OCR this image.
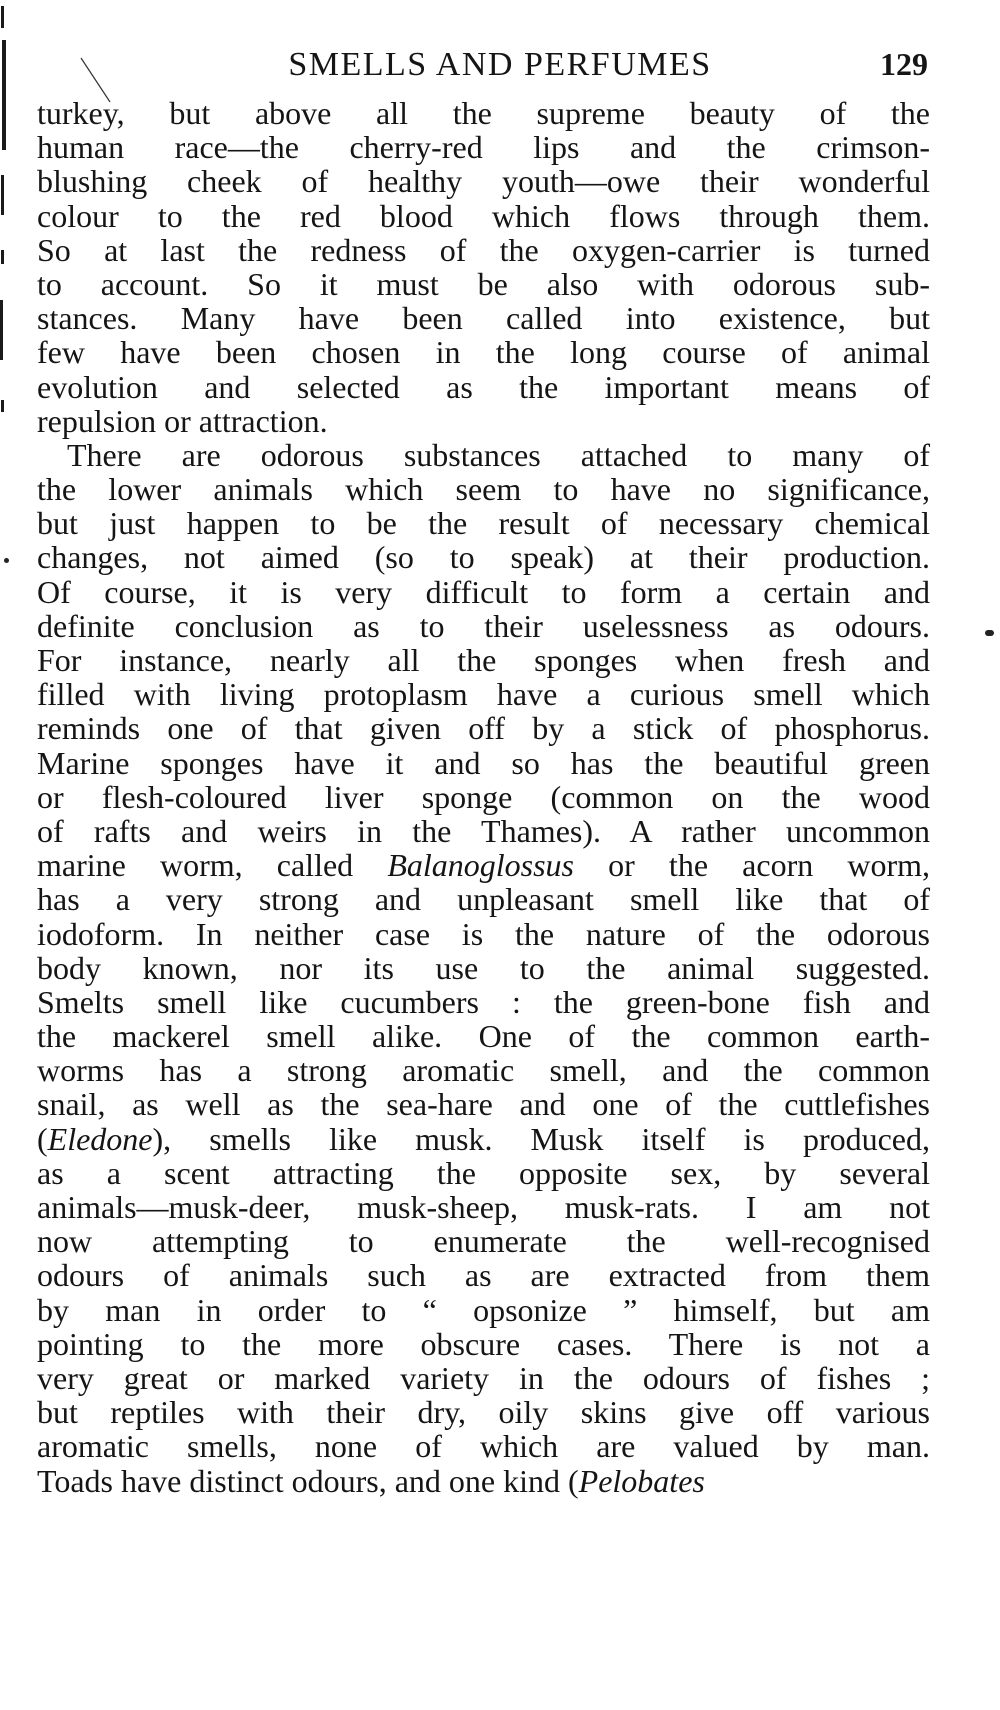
SMELLS AND PERFUMES	129
turkey, but above all the supreme beauty of the
human race—the cherry-red lips and the crimson-
blushing cheek of healthy youth—owe their wonderful
colour to the red blood which flows through them.
So at last the redness of the oxygen-carrier is turned
to account. So it must be also with odorous sub-
stances. Many have been called into existence, but
few have been chosen in the long course of animal
evolution and selected as the important means of
repulsion or attraction.
There are odorous substances attached to many of
the lower animals which seem to have no significance,
but just happen to be the result of necessary chemical
changes, not aimed (so to speak) at their production.
Of course, it is very difficult to form a certain and
definite conclusion as to their uselessness as odours.
For instance, nearly all the sponges when fresh and
filled with living protoplasm have a curious smell which
reminds one of that given off by a stick of phosphorus.
Marine sponges have it and so has the beautiful green
or flesh-coloured liver sponge (common on the wood
of rafts and weirs in the Thames). A rather uncommon
marine worm, called Balanoglossus or the acorn worm,
has a very strong and unpleasant smell like that of
iodoform. In neither case is the nature of the odorous
body known, nor its use to the animal suggested.
Smelts smell like cucumbers : the green-bone fish and
the mackerel smell alike. One of the common earth-
worms has a strong aromatic smell, and the common
snail, as well as the sea-hare and one of the cuttlefishes
(Eledone), smells like musk. Musk itself is produced,
as a scent attracting the opposite sex, by several
animals—musk-deer, musk-sheep, musk-rats. I am not
now attempting to enumerate the well-recognised
odours of animals such as are extracted from them
by man in order to “ opsonize ” himself, but am
pointing to the more obscure cases. There is not a
very great or marked variety in the odours of fishes ;
but reptiles with their dry, oily skins give off various
aromatic smells, none of which are valued by man.
Toads have distinct odours, and one kind (Pelobates
